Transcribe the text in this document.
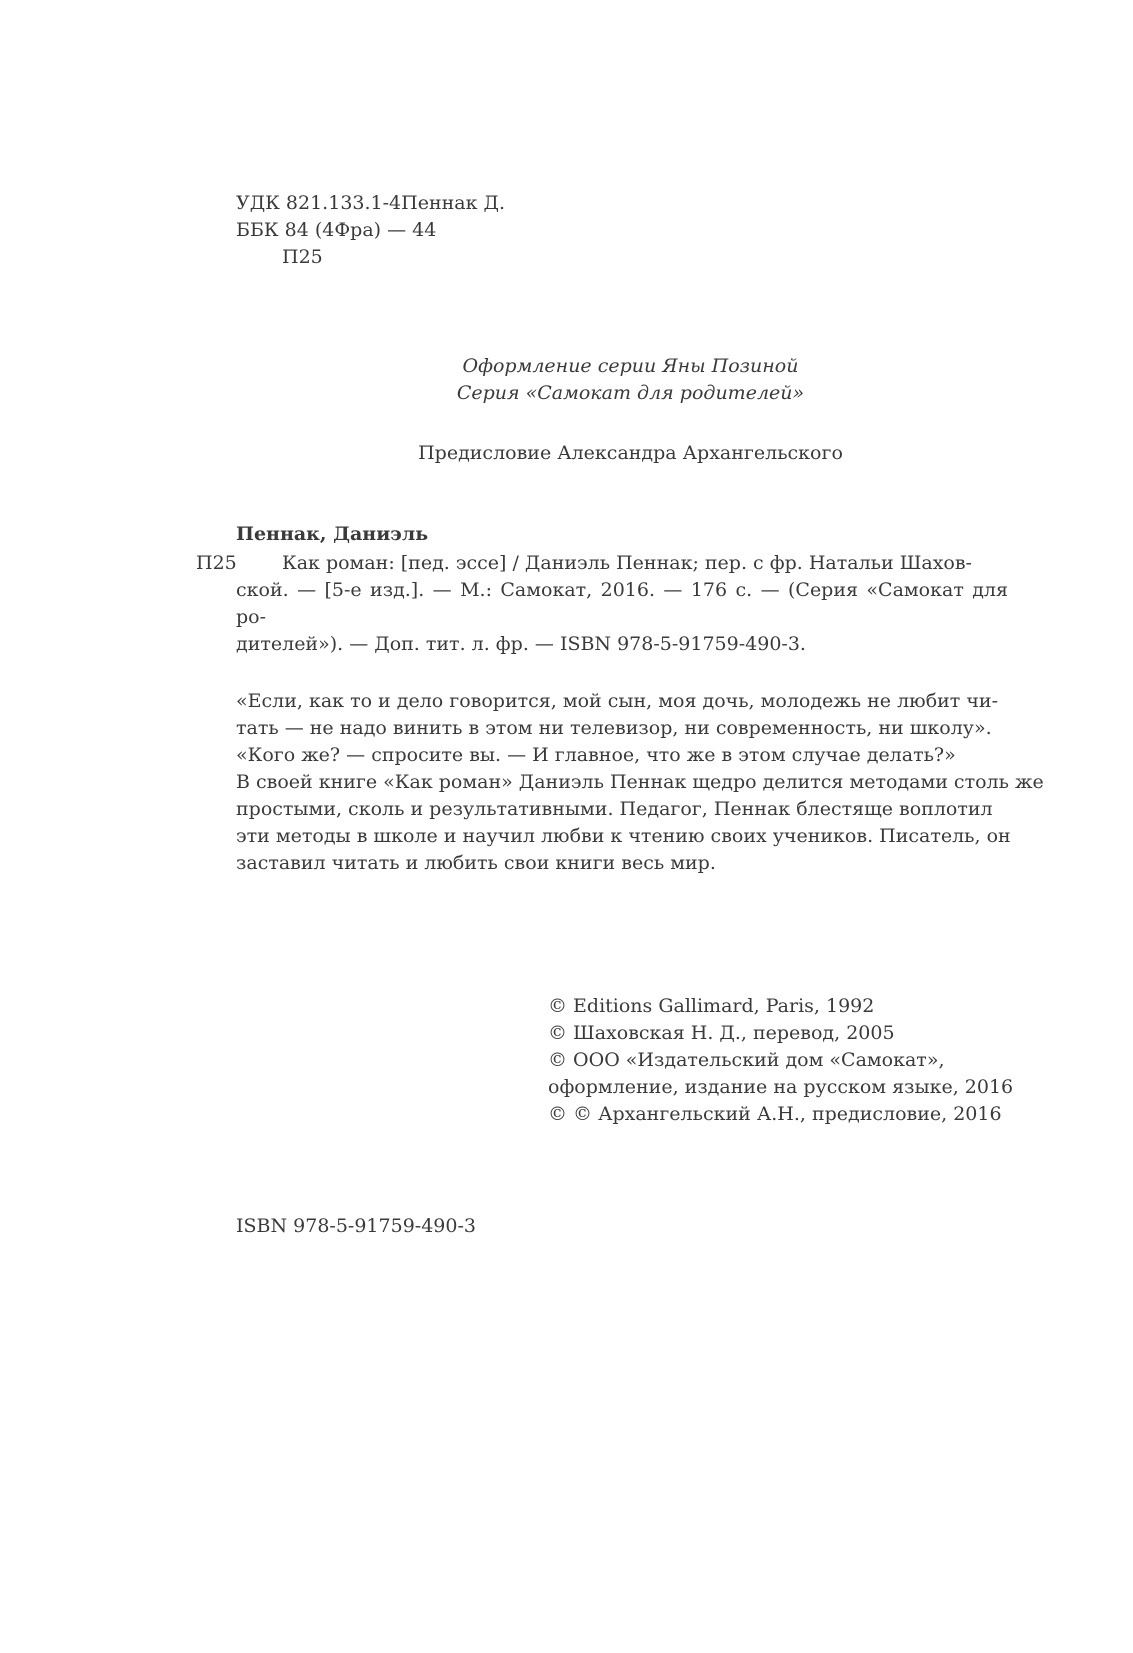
УДК 821.133.1-4Пеннак Д.
ББК 84 (4Фра) — 44
П25
Оформление серии Яны Позиной
Серия «Самокат для родителей»
Предисловие Александра Архангельского
Пеннак, Даниэль
П25	Как роман: [пед. эссе] / Даниэль Пеннак; пер. с фр. Натальи Шахов-
ской. — [5-е изд.]. — М.: Самокат, 2016. — 176 с. — (Серия «Самокат для ро-
дителей»). — Доп. тит. л. фр. — ISBN 978-5-91759-490-3.
«Если, как то и дело говорится, мой сын, моя дочь, молодежь не любит чи-
тать — не надо винить в этом ни телевизор, ни современность, ни школу».
«Кого же? — спросите вы. — И главное, что же в этом случае делать?»
В своей книге «Как роман» Даниэль Пеннак щедро делится методами столь же
простыми, сколь и результативными. Педагог, Пеннак блестяще воплотил
эти методы в школе и научил любви к чтению своих учеников. Писатель, он
заставил читать и любить свои книги весь мир.
© Editions Gallimard, Paris, 1992
© Шаховская Н. Д., перевод, 2005
© ООО «Издательский дом «Самокат»,
оформление, издание на русском языке, 2016
© © Архангельский А.Н., предисловие, 2016
ISBN 978-5-91759-490-3
